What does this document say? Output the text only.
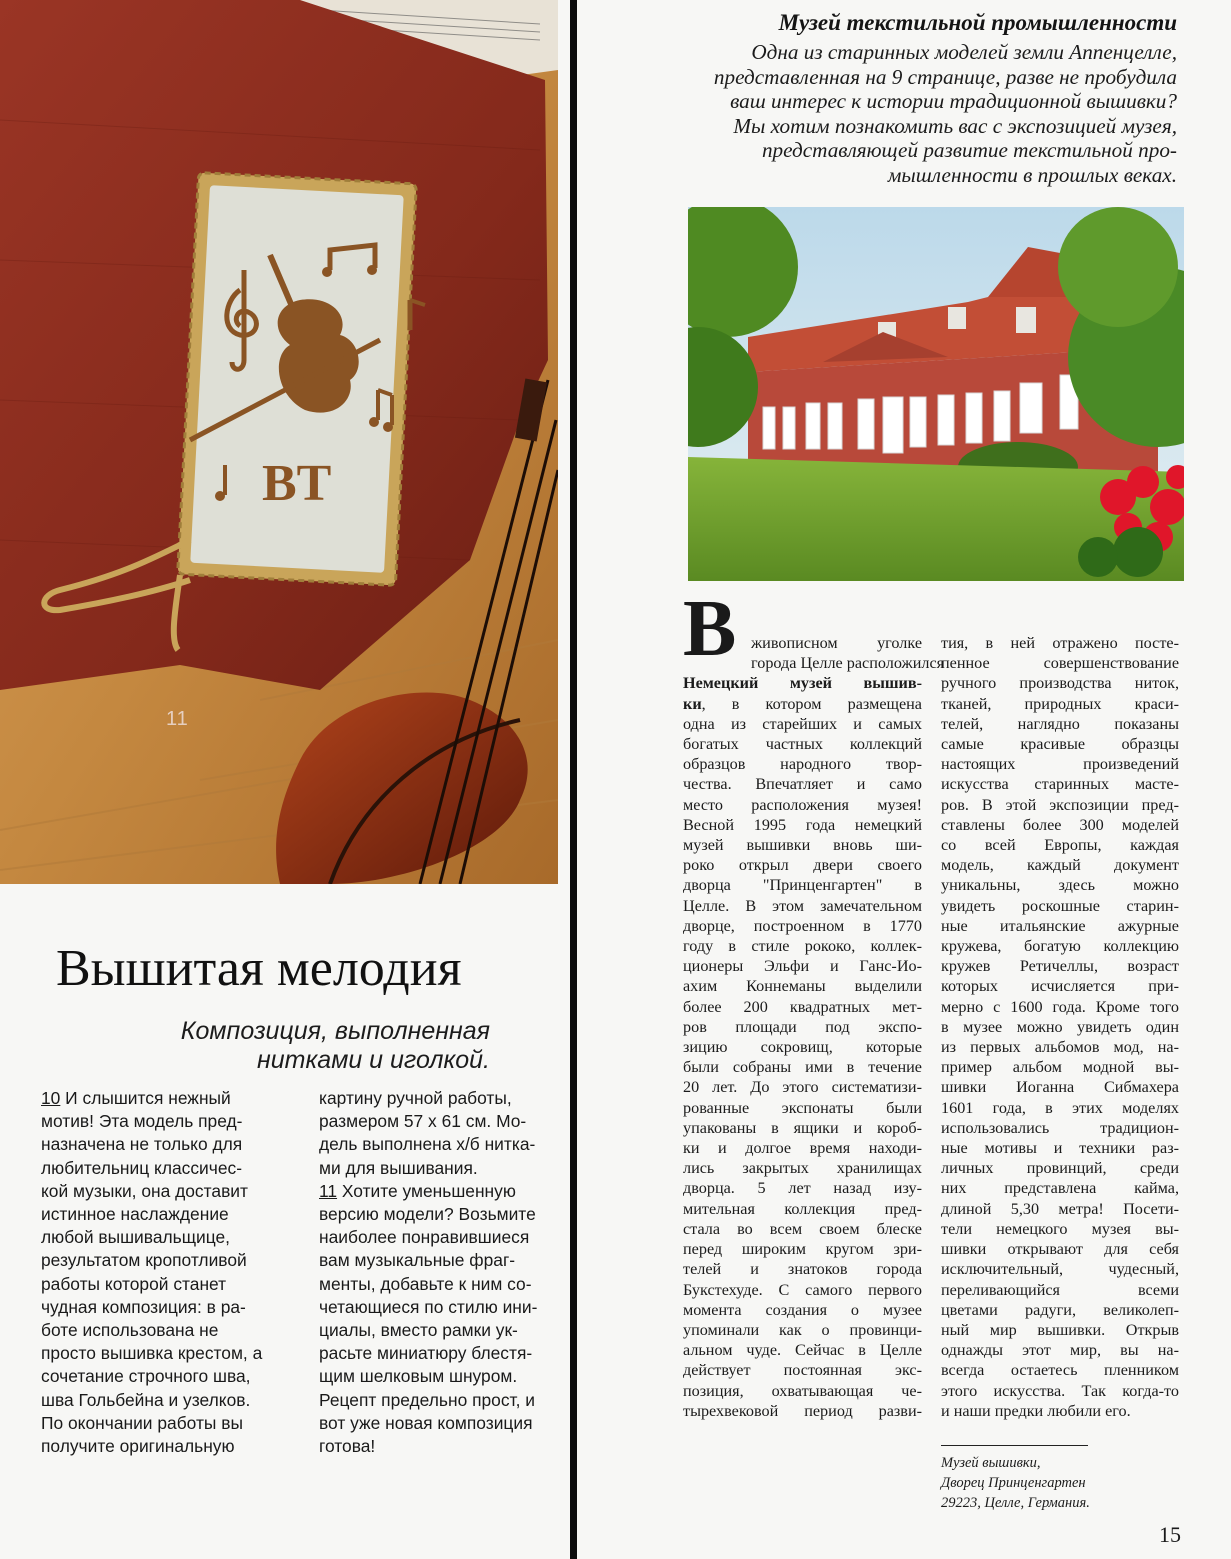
BT
11
Вышитая мелодия
Композиция, выполненная
нитками и иголкой.
10 И слышится нежный
мотив! Эта модель пред-
назначена не только для
любительниц классичес-
кой музыки, она доставит
истинное наслаждение
любой вышивальщице,
результатом кропотливой
работы которой станет
чудная композиция: в ра-
боте использована не
просто вышивка крестом, а
сочетание строчного шва,
шва Гольбейна и узелков.
По окончании работы вы
получите оригинальную
картину ручной работы,
размером 57 х 61 см. Мо-
дель выполнена х/б нитка-
ми для вышивания.
11 Хотите уменьшенную
версию модели? Возьмите
наиболее понравившиеся
вам музыкальные фраг-
менты, добавьте к ним со-
четающиеся по стилю ини-
циалы, вместо рамки ук-
расьте миниатюру блестя-
щим шелковым шнуром.
Рецепт предельно прост, и
вот уже новая композиция
готова!
Музей текстильной промышленности
Одна из старинных моделей земли Аппенцелле,
представленная на 9 странице, разве не пробудила
ваш интерес к истории традиционной вышивки?
Мы хотим познакомить вас с экспозицией музея,
представляющей развитие текстильной про-
мышленности в прошлых веках.
В живописном уголке
города Целле расположился
Немецкий музей вышив-
ки, в котором размещена
одна из старейших и самых
богатых частных коллекций
образцов народного твор-
чества. Впечатляет и само
место расположения музея!
Весной 1995 года немецкий
музей вышивки вновь ши-
роко открыл двери своего
дворца "Принценгартен" в
Целле. В этом замечательном
дворце, построенном в 1770
году в стиле рококо, коллек-
ционеры Эльфи и Ганс-Ио-
ахим Коннеманы выделили
более 200 квадратных мет-
ров площади под экспо-
зицию сокровищ, которые
были собраны ими в течение
20 лет. До этого систематизи-
рованные экспонаты были
упакованы в ящики и короб-
ки и долгое время находи-
лись закрытых хранилищах
дворца. 5 лет назад изу-
мительная коллекция пред-
стала во всем своем блеске
перед широким кругом зри-
телей и знатоков города
Букстехуде. С самого первого
момента создания о музее
упоминали как о провинци-
альном чуде. Сейчас в Целле
действует постоянная экс-
позиция, охватывающая че-
тырехвековой период разви-
тия, в ней отражено посте-
пенное совершенствование
ручного производства ниток,
тканей, природных краси-
телей, наглядно показаны
самые красивые образцы
настоящих произведений
искусства старинных масте-
ров. В этой экспозиции пред-
ставлены более 300 моделей
со всей Европы, каждая
модель, каждый документ
уникальны, здесь можно
увидеть роскошные старин-
ные итальянские ажурные
кружева, богатую коллекцию
кружев Ретичеллы, возраст
которых исчисляется при-
мерно с 1600 года. Кроме того
в музее можно увидеть один
из первых альбомов мод, на-
пример альбом модной вы-
шивки Иоганна Сибмахера
1601 года, в этих моделях
использовались традицион-
ные мотивы и техники раз-
личных провинций, среди
них представлена кайма,
длиной 5,30 метра! Посети-
тели немецкого музея вы-
шивки открывают для себя
исключительный, чудесный,
переливающийся всеми
цветами радуги, великолеп-
ный мир вышивки. Открыв
однажды этот мир, вы на-
всегда остаетесь пленником
этого искусства. Так когда-то
и наши предки любили его.
Музей вышивки,
Дворец Принценгартен
29223, Целле, Германия.
15
